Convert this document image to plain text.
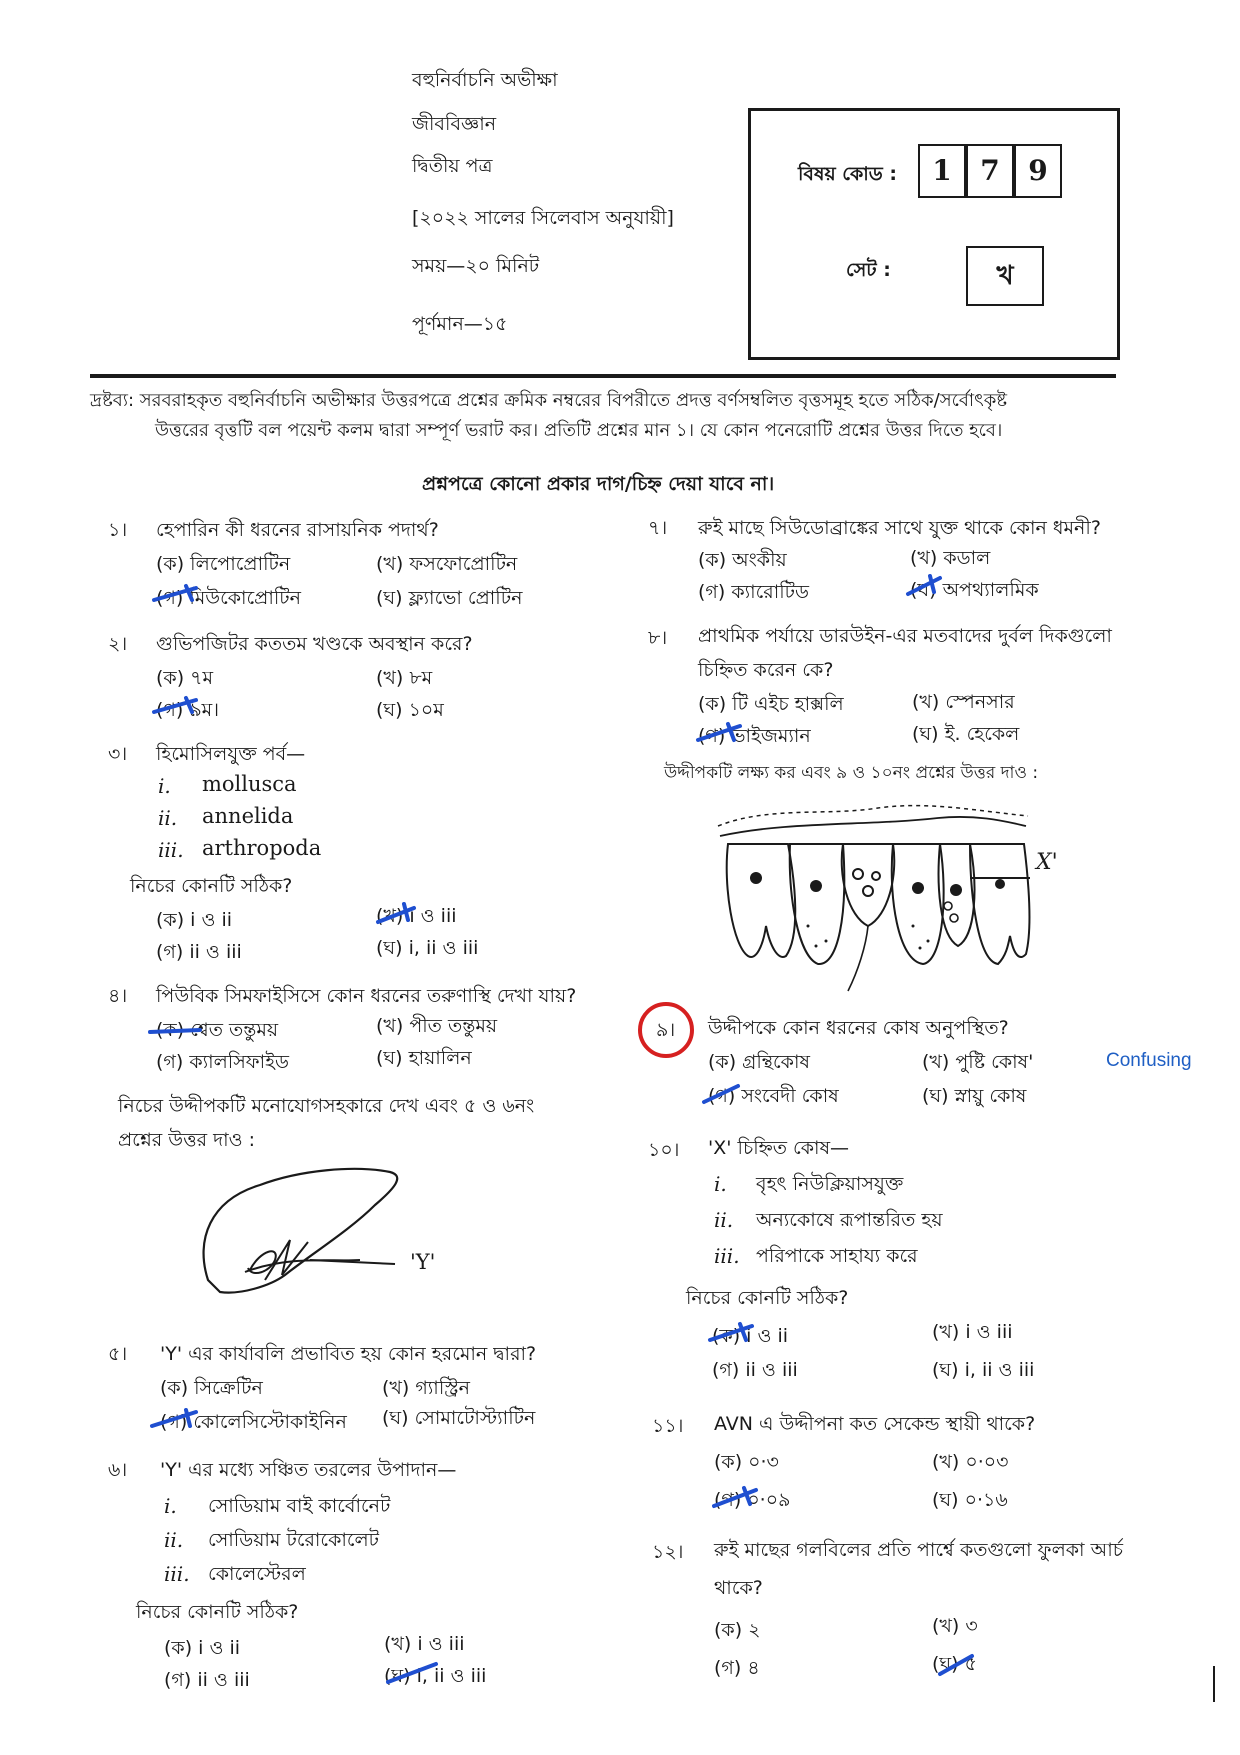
বহুনির্বাচনি অভীক্ষা
জীববিজ্ঞান
দ্বিতীয় পত্র
[২০২২ সালের সিলেবাস অনুযায়ী]
সময়—২০ মিনিট
পূর্ণমান—১৫
বিষয় কোড :	1	7	9
সেট :	খ
দ্রষ্টব্য: সরবরাহকৃত বহুনির্বাচনি অভীক্ষার উত্তরপত্রে প্রশ্নের ক্রমিক নম্বরের বিপরীতে প্রদত্ত বর্ণসম্বলিত বৃত্তসমূহ হতে সঠিক/সর্বোৎকৃষ্ট
উত্তরের বৃত্তটি বল পয়েন্ট কলম দ্বারা সম্পূর্ণ ভরাট কর। প্রতিটি প্রশ্নের মান ১। যে কোন পনেরোটি প্রশ্নের উত্তর দিতে হবে।
প্রশ্নপত্রে কোনো প্রকার দাগ/চিহ্ন দেয়া যাবে না।
১। হেপারিন কী ধরনের রাসায়নিক পদার্থ?
(ক) লিপোপ্রোটিন	(খ) ফসফোপ্রোটিন
(গ) মিউকোপ্রোটিন	(ঘ) ফ্ল্যাভো প্রোটিন
২। গুভিপজিটর কততম খণ্ডকে অবস্থান করে?
(ক) ৭ম	(খ) ৮ম
(গ) ৯ম।	(ঘ) ১০ম
৩। হিমোসিলযুক্ত পর্ব—
i. mollusca
ii. annelida
iii. arthropoda
নিচের কোনটি সঠিক?
(ক) i ও ii	(খ) i ও iii
(গ) ii ও iii	(ঘ) i, ii ও iii
৪। পিউবিক সিমফাইসিসে কোন ধরনের তরুণাস্থি দেখা যায়?
(ক) শ্বেত তন্তুময়	(খ) পীত তন্তুময়
(গ) ক্যালসিফাইড	(ঘ) হায়ালিন
নিচের উদ্দীপকটি মনোযোগসহকারে দেখ এবং ৫ ও ৬নং
প্রশ্নের উত্তর দাও :
'Y'
৫। 'Y' এর কার্যাবলি প্রভাবিত হয় কোন হরমোন দ্বারা?
(ক) সিক্রেটিন	(খ) গ্যাস্ট্রিন
(গ) কোলেসিস্টোকাইনিন (ঘ) সোমাটোস্ট্যাটিন
৬। 'Y' এর মধ্যে সঞ্চিত তরলের উপাদান—
i. সোডিয়াম বাই কার্বোনেট
ii. সোডিয়াম টরোকোলেট
iii. কোলেস্টেরল
নিচের কোনটি সঠিক?
(ক) i ও ii	(খ) i ও iii
(গ) ii ও iii	(ঘ) i, ii ও iii
৭। রুই মাছে সিউডোব্রাঙ্কের সাথে যুক্ত থাকে কোন ধমনী?
(ক) অংকীয়	(খ) কডাল
(গ) ক্যারোটিড	(ঘ) অপথ্যালমিক
৮। প্রাথমিক পর্যায়ে ডারউইন-এর মতবাদের দুর্বল দিকগুলো
চিহ্নিত করেন কে?
(ক) টি এইচ হাক্সলি	(খ) স্পেনসার
(গ) ভাইজম্যান	(ঘ) ই. হেকেল
উদ্দীপকটি লক্ষ্য কর এবং ৯ ও ১০নং প্রশ্নের উত্তর দাও :
X'
৯। উদ্দীপকে কোন ধরনের কোষ অনুপস্থিত?
(ক) গ্রন্থিকোষ	(খ) পুষ্টি কোষ'
(গ) সংবেদী কোষ	(ঘ) স্নায়ু কোষ
Confusing
১০। 'X' চিহ্নিত কোষ—
i. বৃহৎ নিউক্লিয়াসযুক্ত
ii. অন্যকোষে রূপান্তরিত হয়
iii. পরিপাকে সাহায্য করে
নিচের কোনটি সঠিক?
(ক) i ও ii	(খ) i ও iii
(গ) ii ও iii	(ঘ) i, ii ও iii
১১। AVN এ উদ্দীপনা কত সেকেন্ড স্থায়ী থাকে?
(ক) ০·৩	(খ) ০·০৩
(গ) ০·০৯	(ঘ) ০·১৬
১২। রুই মাছের গলবিলের প্রতি পার্শ্বে কতগুলো ফুলকা আর্চ
থাকে?
(ক) ২	(খ) ৩
(গ) ৪	(ঘ) ৫
